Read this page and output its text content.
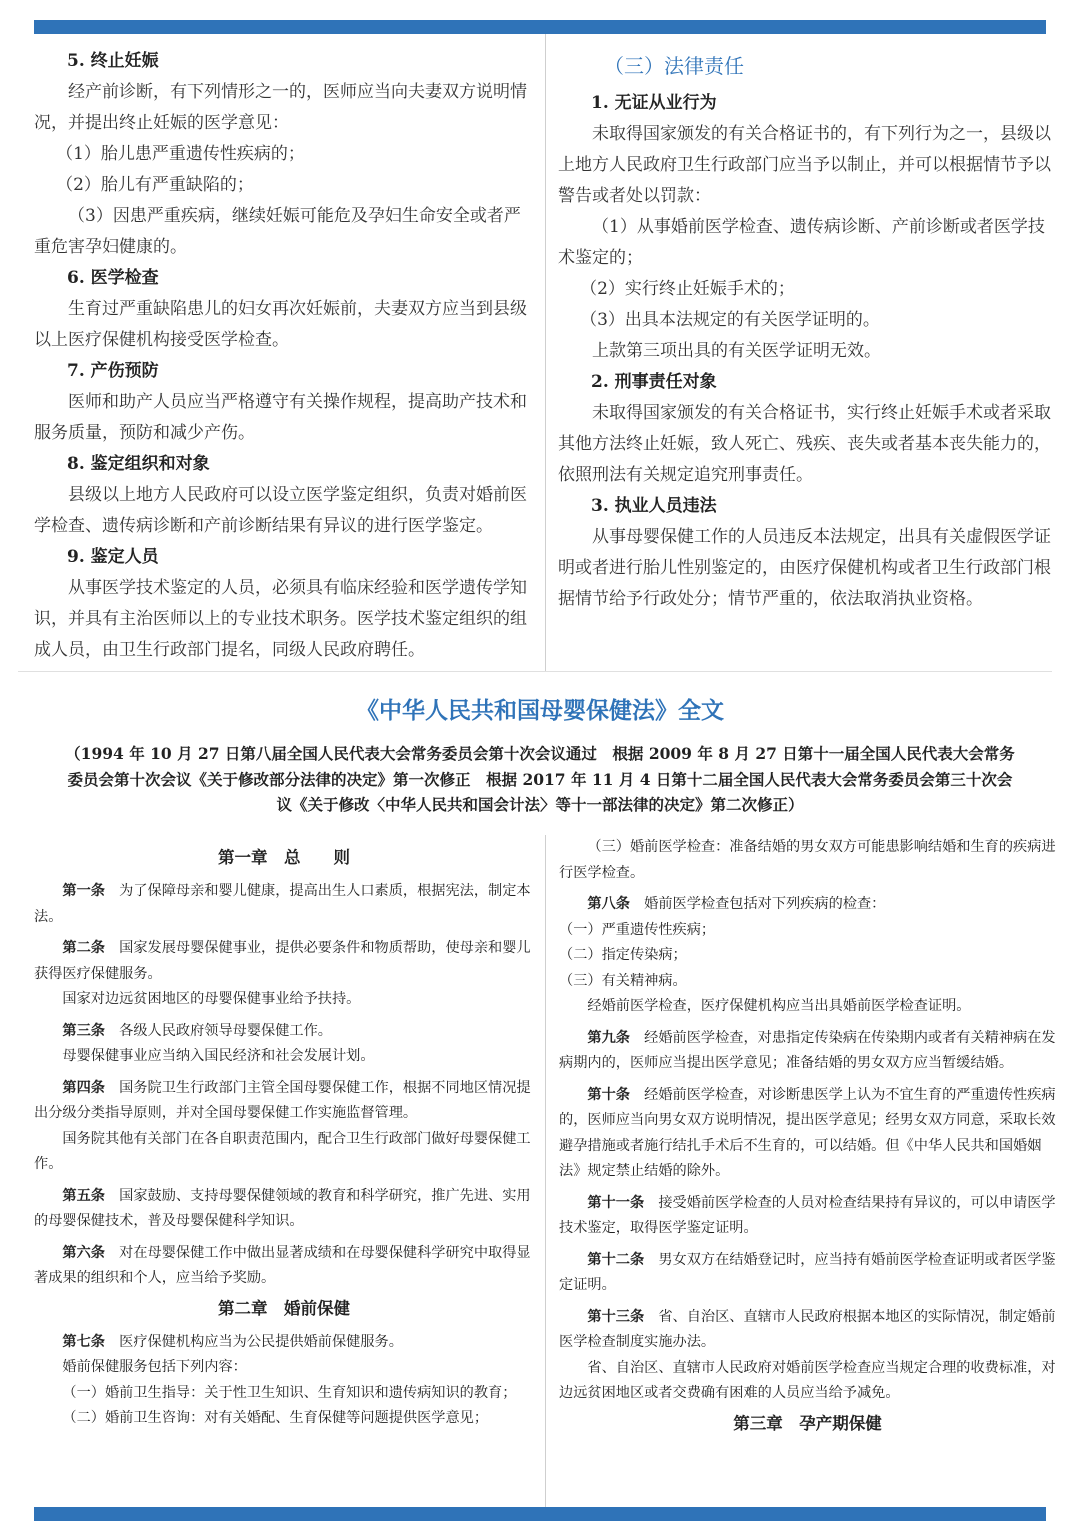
5. 终止妊娠

经产前诊断，有下列情形之一的，医师应当向夫妻双方说明情况，并提出终止妊娠的医学意见：

（1）胎儿患严重遗传性疾病的；

（2）胎儿有严重缺陷的；

（3）因患严重疾病，继续妊娠可能危及孕妇生命安全或者严重危害孕妇健康的。

6. 医学检查

生育过严重缺陷患儿的妇女再次妊娠前，夫妻双方应当到县级以上医疗保健机构接受医学检查。

7. 产伤预防

医师和助产人员应当严格遵守有关操作规程，提高助产技术和服务质量，预防和减少产伤。

8. 鉴定组织和对象

县级以上地方人民政府可以设立医学鉴定组织，负责对婚前医学检查、遗传病诊断和产前诊断结果有异议的进行医学鉴定。

9. 鉴定人员

从事医学技术鉴定的人员，必须具有临床经验和医学遗传学知识，并具有主治医师以上的专业技术职务。医学技术鉴定组织的组成人员，由卫生行政部门提名，同级人民政府聘任。

（三）法律责任
1. 无证从业行为

未取得国家颁发的有关合格证书的，有下列行为之一，县级以上地方人民政府卫生行政部门应当予以制止，并可以根据情节予以警告或者处以罚款：

（1）从事婚前医学检查、遗传病诊断、产前诊断或者医学技术鉴定的；

（2）实行终止妊娠手术的；

（3）出具本法规定的有关医学证明的。

上款第三项出具的有关医学证明无效。

2. 刑事责任对象

未取得国家颁发的有关合格证书，实行终止妊娠手术或者采取其他方法终止妊娠，致人死亡、残疾、丧失或者基本丧失能力的，依照刑法有关规定追究刑事责任。

3. 执业人员违法

从事母婴保健工作的人员违反本法规定，出具有关虚假医学证明或者进行胎儿性别鉴定的，由医疗保健机构或者卫生行政部门根据情节给予行政处分；情节严重的，依法取消执业资格。

《中华人民共和国母婴保健法》全文
（1994 年 10 月 27 日第八届全国人民代表大会常务委员会第十次会议通过　根据 2009 年 8 月 27 日第十一届全国人民代表大会常务委员会第十次会议《关于修改部分法律的决定》第一次修正　根据 2017 年 11 月 4 日第十二届全国人民代表大会常务委员会第三十次会议《关于修改〈中华人民共和国会计法〉等十一部法律的决定》第二次修正）
第一章　总　　则

第一条 为了保障母亲和婴儿健康，提高出生人口素质，根据宪法，制定本法。

第二条 国家发展母婴保健事业，提供必要条件和物质帮助，使母亲和婴儿获得医疗保健服务。

国家对边远贫困地区的母婴保健事业给予扶持。

第三条 各级人民政府领导母婴保健工作。

母婴保健事业应当纳入国民经济和社会发展计划。

第四条 国务院卫生行政部门主管全国母婴保健工作，根据不同地区情况提出分级分类指导原则，并对全国母婴保健工作实施监督管理。

国务院其他有关部门在各自职责范围内，配合卫生行政部门做好母婴保健工作。

第五条 国家鼓励、支持母婴保健领域的教育和科学研究，推广先进、实用的母婴保健技术，普及母婴保健科学知识。

第六条 对在母婴保健工作中做出显著成绩和在母婴保健科学研究中取得显著成果的组织和个人，应当给予奖励。

第二章　婚前保健

第七条 医疗保健机构应当为公民提供婚前保健服务。

婚前保健服务包括下列内容：

（一）婚前卫生指导：关于性卫生知识、生育知识和遗传病知识的教育；

（二）婚前卫生咨询：对有关婚配、生育保健等问题提供医学意见；

（三）婚前医学检查：准备结婚的男女双方可能患影响结婚和生育的疾病进行医学检查。

第八条 婚前医学检查包括对下列疾病的检查：

（一）严重遗传性疾病；

（二）指定传染病；

（三）有关精神病。

经婚前医学检查，医疗保健机构应当出具婚前医学检查证明。

第九条 经婚前医学检查，对患指定传染病在传染期内或者有关精神病在发病期内的，医师应当提出医学意见；准备结婚的男女双方应当暂缓结婚。

第十条 经婚前医学检查，对诊断患医学上认为不宜生育的严重遗传性疾病的，医师应当向男女双方说明情况，提出医学意见；经男女双方同意，采取长效避孕措施或者施行结扎手术后不生育的，可以结婚。但《中华人民共和国婚姻法》规定禁止结婚的除外。

第十一条 接受婚前医学检查的人员对检查结果持有异议的，可以申请医学技术鉴定，取得医学鉴定证明。

第十二条 男女双方在结婚登记时，应当持有婚前医学检查证明或者医学鉴定证明。

第十三条 省、自治区、直辖市人民政府根据本地区的实际情况，制定婚前医学检查制度实施办法。

省、自治区、直辖市人民政府对婚前医学检查应当规定合理的收费标准，对边远贫困地区或者交费确有困难的人员应当给予减免。

第三章　孕产期保健
